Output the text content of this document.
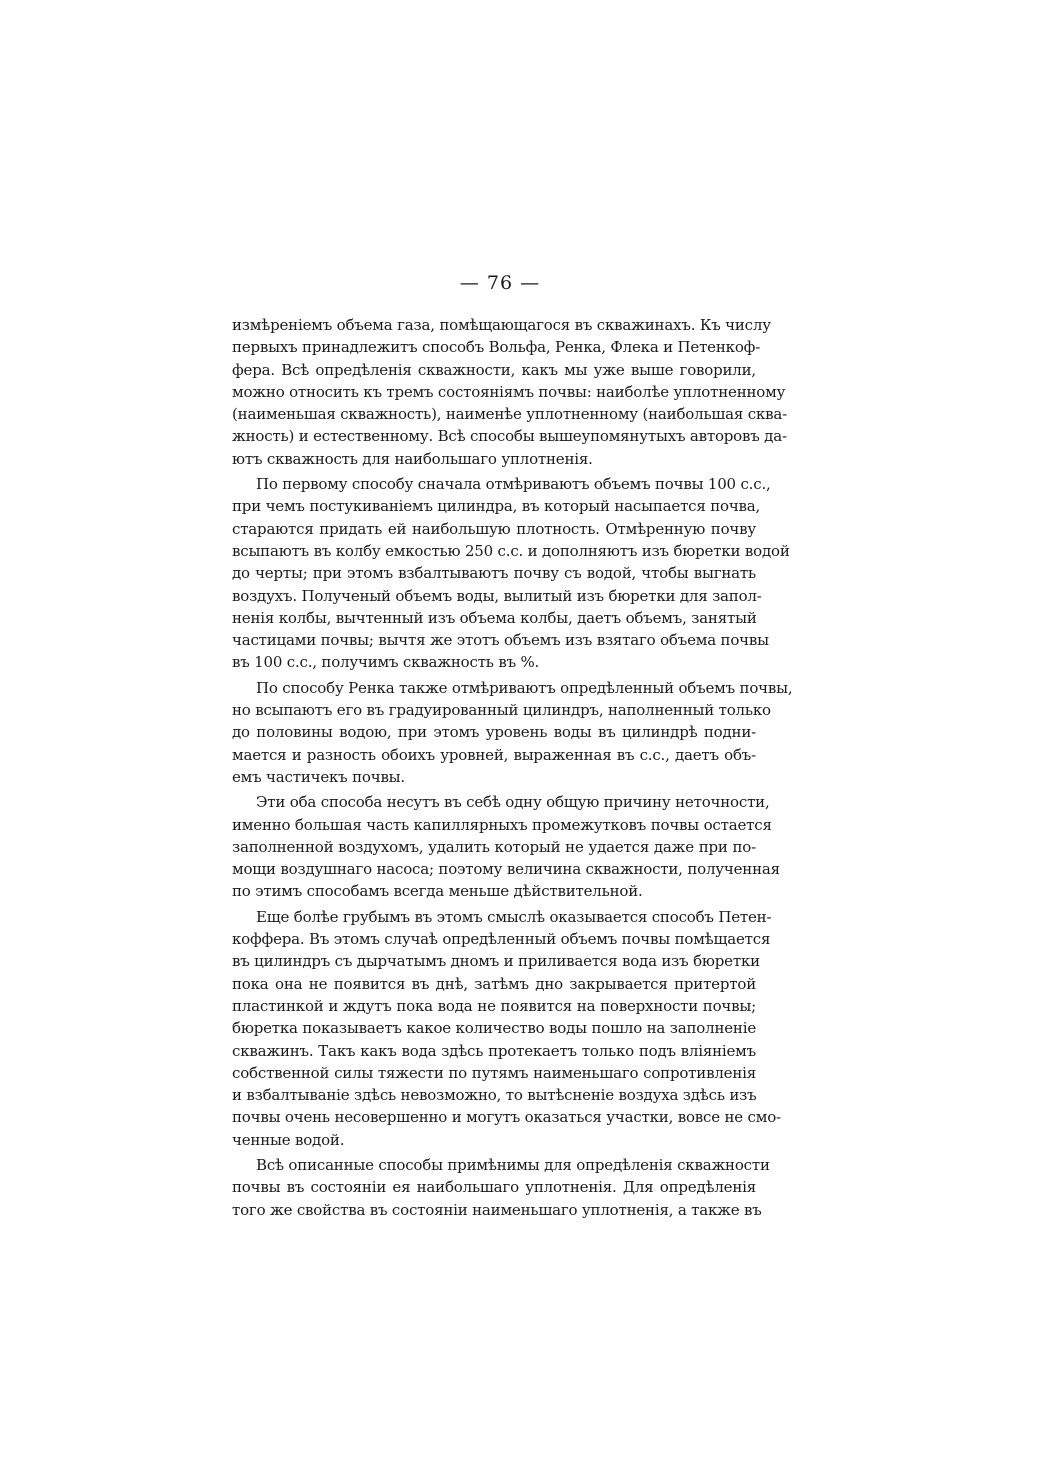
— 76 —
измѣреніемъ объема газа, помѣщающагося въ скважинахъ. Къ числу
первыхъ принадлежитъ способъ Вольфа, Ренка, Флека и Петенкоф-
фера. Всѣ опредѣленія скважности, какъ мы уже выше говорили,
можно относить къ тремъ состояніямъ почвы: наиболѣе уплотненному
(наименьшая скважность), наименѣе уплотненному (наибольшая сква-
жность) и естественному. Всѣ способы вышеупомянутыхъ авторовъ да-
ютъ скважность для наибольшаго уплотненія.
По первому способу сначала отмѣриваютъ объемъ почвы 100 с.с.,
при чемъ постукиваніемъ цилиндра, въ который насыпается почва,
стараются придать ей наибольшую плотность. Отмѣренную почву
всыпаютъ въ колбу емкостью 250 с.с. и дополняютъ изъ бюретки водой
до черты; при этомъ взбалтываютъ почву съ водой, чтобы выгнать
воздухъ. Полученый объемъ воды, вылитый изъ бюретки для запол-
ненія колбы, вычтенный изъ объема колбы, даетъ объемъ, занятый
частицами почвы; вычтя же этотъ объемъ изъ взятаго объема почвы
въ 100 с.с., получимъ скважность въ %.
По способу Ренка также отмѣриваютъ опредѣленный объемъ почвы,
но всыпаютъ его въ градуированный цилиндръ, наполненный только
до половины водою, при этомъ уровень воды въ цилиндрѣ подни-
мается и разность обоихъ уровней, выраженная въ с.с., даетъ объ-
емъ частичекъ почвы.
Эти оба способа несутъ въ себѣ одну общую причину неточности,
именно большая часть капиллярныхъ промежутковъ почвы остается
заполненной воздухомъ, удалить который не удается даже при по-
мощи воздушнаго насоса; поэтому величина скважности, полученная
по этимъ способамъ всегда меньше дѣйствительной.
Еще болѣе грубымъ въ этомъ смыслѣ оказывается способъ Петен-
коффера. Въ этомъ случаѣ опредѣленный объемъ почвы помѣщается
въ цилиндръ съ дырчатымъ дномъ и приливается вода изъ бюретки
пока она не появится въ днѣ, затѣмъ дно закрывается притертой
пластинкой и ждутъ пока вода не появится на поверхности почвы;
бюретка показываетъ какое количество воды пошло на заполненіе
скважинъ. Такъ какъ вода здѣсь протекаетъ только подъ вліяніемъ
собственной силы тяжести по путямъ наименьшаго сопротивленія
и взбалтываніе здѣсь невозможно, то вытѣсненіе воздуха здѣсь изъ
почвы очень несовершенно и могутъ оказаться участки, вовсе не смо-
ченные водой.
Всѣ описанные способы примѣнимы для опредѣленія скважности
почвы въ состояніи ея наибольшаго уплотненія. Для опредѣленія
того же свойства въ состояніи наименьшаго уплотненія, а также въ
